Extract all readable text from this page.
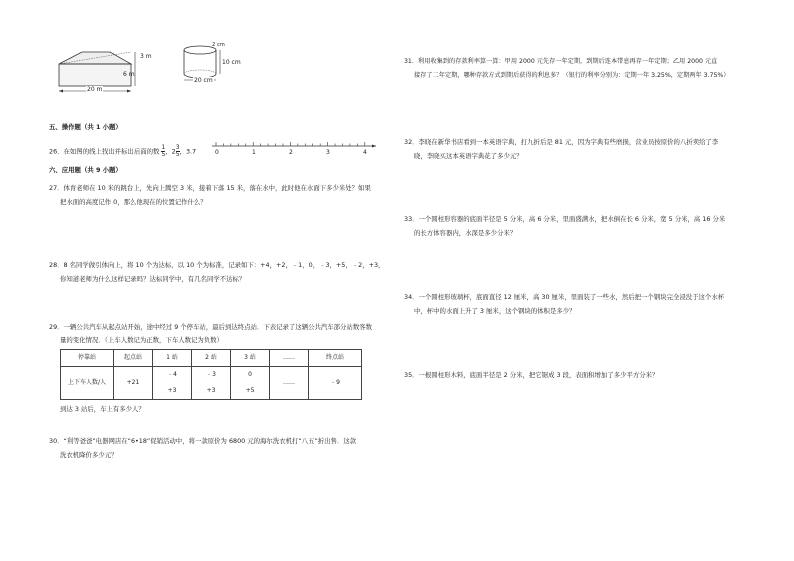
3 m
6 m
20 m
2 cm
10 cm
20 cm
五、操作题（共 1 小题）
26．在如图的线上找出并标出后面的数 $\frac{1}{5}$ ，$2 \frac{3}{5}$ ，3.7	0	1	2	3	4
六、应用题（共 9 小题）
27．体育老师在 10 米的跳台上，先向上腾空 3 米，接着下落 15 米，落在水中，此时他在水面下多少米处？如果
把水面的高度记作 0，那么他现在的位置记作什么？
28．8 名同学做引体向上，将 10 个为达标，以 10 个为标准，记录如下：+4，+2，﹣1，0，﹣3，+5，﹣2，+3，
你知道老师为什么这样记录吗？达标同学中，有几名同学不达标？
29．一辆公共汽车从起点站开始，途中经过 9 个停车站，最后到达终点站．下表记录了这辆公共汽车部分站数客数
量的变化情况．（上车人数记为正数，下车人数记为负数）
停靠站	起点站	1 站	2 站	3 站	……	终点站
上下车人数/人	+21	﹣4	﹣3	0	……	﹣9
		+3	+3	+5		
到达 3 站后，车上有多少人？
30．“利等爸爸”电器网店在“6•18”促销活动中，将一款原价为 6800 元的海尔洗衣机打“八五”折出售．这款
洗衣机降价多少元？
31．利用收集到的存款利率算一算：甲用 2000 元先存一年定期，到期后连本带息再存一年定期；乙用 2000 元直
接存了二年定期，哪种存款方式到期后获得的利息多？（银行的利率分别为：定期一年 3.25%，定期两年 3.75%）
32．李晓在新华书店看到一本英语字典，打九折后是 81 元，因为字典有些磨损，营业员按原价的八折卖给了李
晓，李晓买这本英语字典花了多少元？
33．一个圆柱形容器的底面半径是 5 分米，高 6 分米，里面盛满水，把水倒在长 6 分米，宽 5 分米，高 16 分米
的长方体容器内，水深是多少分米？
34．一个圆柱形玻璃杯，底面直径 12 厘米，高 30 厘米，里面装了一些水，然后把一个钢块完全浸没于这个水杯
中，杯中的水面上升了 3 厘米，这个钢块的体积是多少？
35．一根圆柱形木料，底面半径是 2 分米，把它锯成 3 段，表面积增加了多少平方分米？
